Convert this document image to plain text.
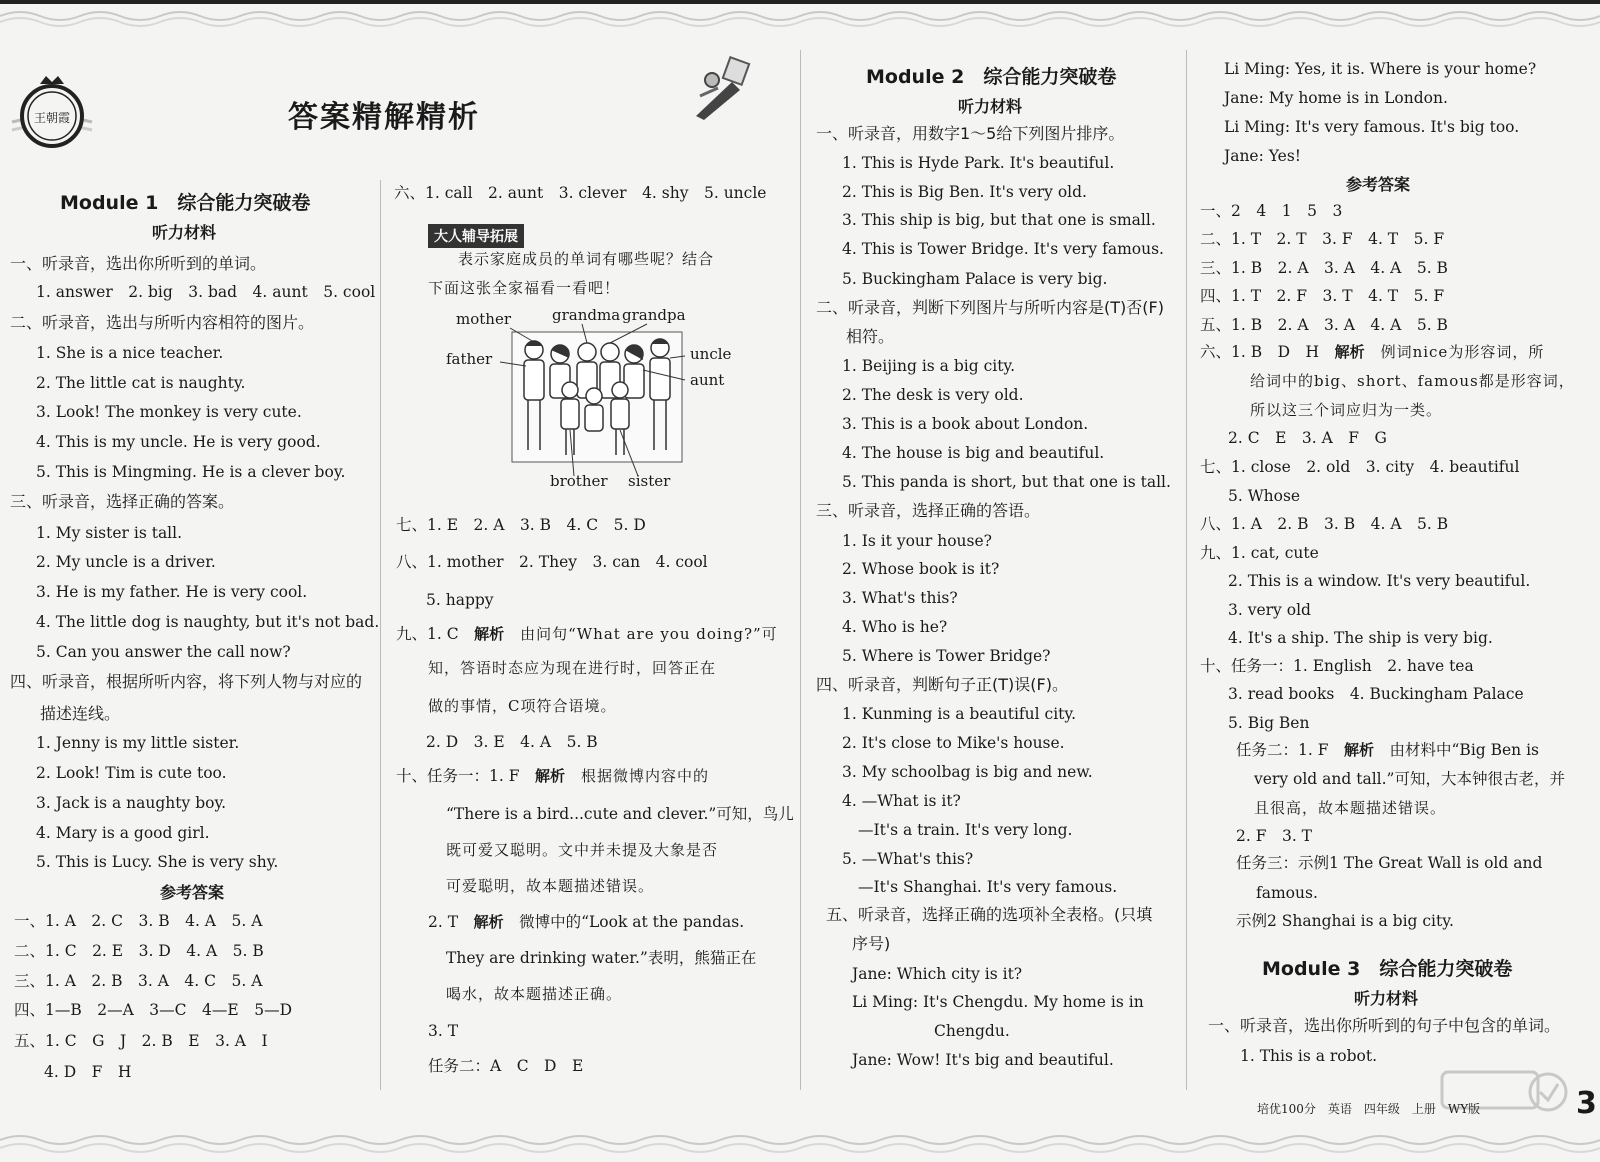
王朝霞	答案精解精析
Module 1　综合能力突破卷
听力材料
一、听录音，选出你所听到的单词。
1. answer　2. big　3. bad　4. aunt　5. cool
二、听录音，选出与所听内容相符的图片。
1. She is a nice teacher.
2. The little cat is naughty.
3. Look! The monkey is very cute.
4. This is my uncle. He is very good.
5. This is Mingming. He is a clever boy.
三、听录音，选择正确的答案。
1. My sister is tall.
2. My uncle is a driver.
3. He is my father. He is very cool.
4. The little dog is naughty, but it's not bad.
5. Can you answer the call now?
四、听录音，根据所听内容，将下列人物与对应的
描述连线。
1. Jenny is my little sister.
2. Look! Tim is cute too.
3. Jack is a naughty boy.
4. Mary is a good girl.
5. This is Lucy. She is very shy.
参考答案
一、1. A　2. C　3. B　4. A　5. A
二、1. C　2. E　3. D　4. A　5. B
三、1. A　2. B　3. A　4. C　5. A
四、1—B　2—A　3—C　4—E　5—D
五、1. C　G　J　2. B　E　3. A　I
4. D　F　H
六、1. call　2. aunt　3. clever　4. shy　5. uncle
大人辅导拓展
表示家庭成员的单词有哪些呢？结合
下面这张全家福看一看吧！
mother	grandma grandpa
father	uncle
aunt
brother sister
七、1. E　2. A　3. B　4. C　5. D
八、1. mother　2. They　3. can　4. cool
5. happy
九、1. C　解析　由问句“What are you doing?”可
知，答语时态应为现在进行时，回答正在
做的事情，C项符合语境。
2. D　3. E　4. A　5. B
十、任务一：1. F　解析　根据微博内容中的
“There is a bird...cute and clever.”可知，鸟儿
既可爱又聪明。文中并未提及大象是否
可爱聪明，故本题描述错误。
2. T　解析　微博中的“Look at the pandas.
They are drinking water.”表明，熊猫正在
喝水，故本题描述正确。
3. T
任务二：A　C　D　E
Module 2　综合能力突破卷
听力材料
一、听录音，用数字1～5给下列图片排序。
1. This is Hyde Park. It's beautiful.
2. This is Big Ben. It's very old.
3. This ship is big, but that one is small.
4. This is Tower Bridge. It's very famous.
5. Buckingham Palace is very big.
二、听录音，判断下列图片与所听内容是(T)否(F)
相符。
1. Beijing is a big city.
2. The desk is very old.
3. This is a book about London.
4. The house is big and beautiful.
5. This panda is short, but that one is tall.
三、听录音，选择正确的答语。
1. Is it your house?
2. Whose book is it?
3. What's this?
4. Who is he?
5. Where is Tower Bridge?
四、听录音，判断句子正(T)误(F)。
1. Kunming is a beautiful city.
2. It's close to Mike's house.
3. My schoolbag is big and new.
4. —What is it?
—It's a train. It's very long.
5. —What's this?
—It's Shanghai. It's very famous.
五、听录音，选择正确的选项补全表格。(只填
序号)
Jane: Which city is it?
Li Ming: It's Chengdu. My home is in
Chengdu.
Jane: Wow! It's big and beautiful.
Li Ming: Yes, it is. Where is your home?
Jane: My home is in London.
Li Ming: It's very famous. It's big too.
Jane: Yes!
参考答案
一、2　4　1　5　3
二、1. T　2. T　3. F　4. T　5. F
三、1. B　2. A　3. A　4. A　5. B
四、1. T　2. F　3. T　4. T　5. F
五、1. B　2. A　3. A　4. A　5. B
六、1. B　D　H　解析　例词nice为形容词，所
给词中的big、short、famous都是形容词，
所以这三个词应归为一类。
2. C　E　3. A　F　G
七、1. close　2. old　3. city　4. beautiful
5. Whose
八、1. A　2. B　3. B　4. A　5. B
九、1. cat, cute
2. This is a window. It's very beautiful.
3. very old
4. It's a ship. The ship is very big.
十、任务一：1. English　2. have tea
3. read books　4. Buckingham Palace
5. Big Ben
任务二：1. F　解析　由材料中“Big Ben is
very old and tall.”可知，大本钟很古老，并
且很高，故本题描述错误。
2. F　3. T
任务三：示例1 The Great Wall is old and
famous.
示例2 Shanghai is a big city.
Module 3　综合能力突破卷
听力材料
一、听录音，选出你所听到的句子中包含的单词。
1. This is a robot.
培优100分　英语　四年级　上册　WY版	3
